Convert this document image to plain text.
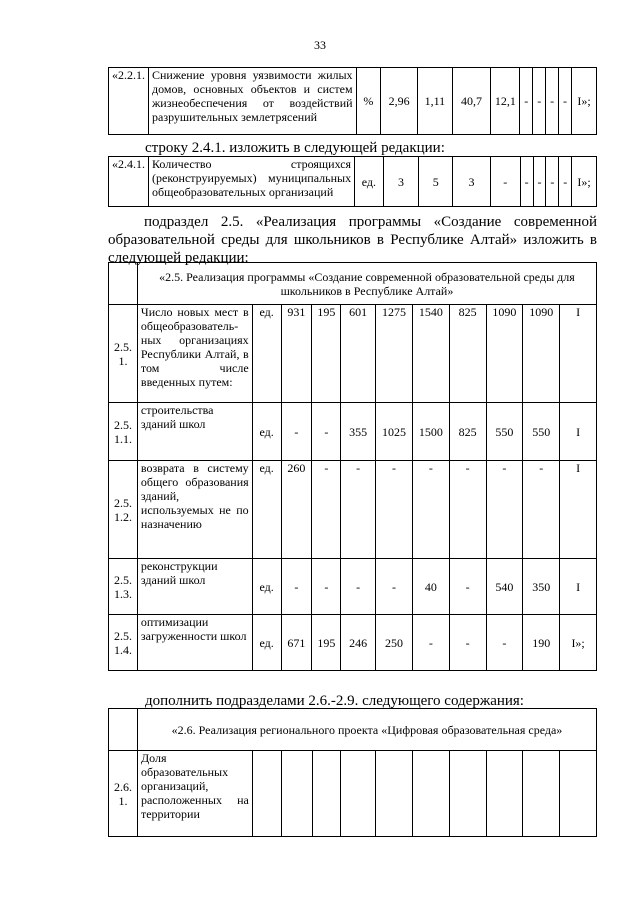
33
«2.2.1.	Снижение уровня уязвимости жилых домов, основных объектов и систем жизнеобеспечения от воздействий разрушительных землетрясений	%	2,96	1,11	40,7	12,1	-	-	-	-	I»;
строку 2.4.1. изложить в следующей редакции:
«2.4.1.	Количество строящихся (реконструируемых) муниципальных общеобразовательных организаций	ед.	3	5	3	-	-	-	-	-	I»;
подраздел 2.5. «Реализация программы «Создание современной
образовательной среды для школьников в Республике Алтай» изложить в
следующей редакции:
	«2.5. Реализация программы «Создание современной образовательной среды для школьников в Республике Алтай»										
2.5. 1.	Число новых мест в общеобразователь-ных организациях Республики Алтай, в том числе введенных путем:	ед.	931	195	601	1275	1540	825	1090	1090	I
2.5. 1.1.	строительства зданий школ	ед.	-	-	355	1025	1500	825	550	550	I
2.5. 1.2.	возврата в систему общего образования зданий, используемых не по назначению	ед.	260	-	-	-	-	-	-	-	I
2.5. 1.3.	реконструкции зданий школ	ед.	-	-	-	-	40	-	540	350	I
2.5. 1.4.	оптимизации загруженности школ	ед.	671	195	246	250	-	-	-	190	I»;
дополнить подразделами 2.6.-2.9. следующего содержания:
	«2.6. Реализация регионального проекта «Цифровая образовательная среда»										
2.6. 1.	Доля образовательных организаций, расположенных на территории										
